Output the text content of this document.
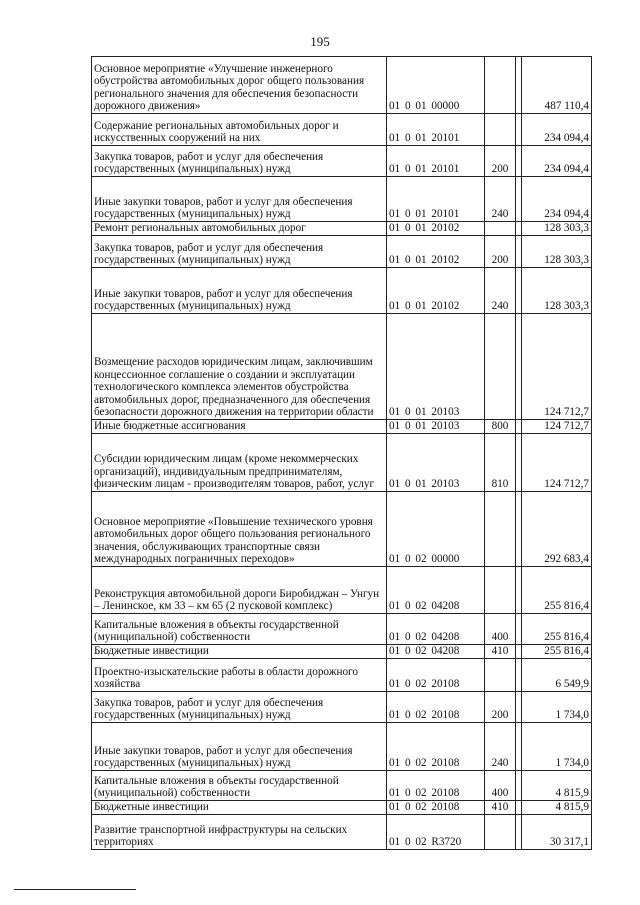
195
Основное мероприятие «Улучшение инженерного обустройства автомобильных дорог общего пользования регионального значения для обеспечения безопасности дорожного движения»	01 0 01 00000			487 110,4
Содержание региональных автомобильных дорог и искусственных сооружений на них	01 0 01 20101			234 094,4
Закупка товаров, работ и услуг для обеспечения государственных (муниципальных) нужд	01 0 01 20101	200		234 094,4
Иные закупки товаров, работ и услуг для обеспечения государственных (муниципальных) нужд	01 0 01 20101	240		234 094,4
Ремонт региональных автомобильных дорог	01 0 01 20102			128 303,3
Закупка товаров, работ и услуг для обеспечения государственных (муниципальных) нужд	01 0 01 20102	200		128 303,3
Иные закупки товаров, работ и услуг для обеспечения государственных (муниципальных) нужд	01 0 01 20102	240		128 303,3
Возмещение расходов юридическим лицам, заключившим концессионное соглашение о создании и эксплуатации технологического комплекса элементов обустройства автомобильных дорог, предназначенного для обеспечения безопасности дорожного движения на территории области	01 0 01 20103			124 712,7
Иные бюджетные ассигнования	01 0 01 20103	800		124 712,7
Субсидии юридическим лицам (кроме некоммерческих организаций), индивидуальным предпринимателям, физическим лицам - производителям товаров, работ, услуг	01 0 01 20103	810		124 712,7
Основное мероприятие «Повышение технического уровня автомобильных дорог общего пользования регионального значения, обслуживающих транспортные связи международных пограничных переходов»	01 0 02 00000			292 683,4
Реконструкция автомобильной дороги Биробиджан – Унгун – Ленинское, км 33 – км 65 (2 пусковой комплекс)	01 0 02 04208			255 816,4
Капитальные вложения в объекты государственной (муниципальной) собственности	01 0 02 04208	400		255 816,4
Бюджетные инвестиции	01 0 02 04208	410		255 816,4
Проектно-изыскательские работы в области дорожного хозяйства	01 0 02 20108			6 549,9
Закупка товаров, работ и услуг для обеспечения государственных (муниципальных) нужд	01 0 02 20108	200		1 734,0
Иные закупки товаров, работ и услуг для обеспечения государственных (муниципальных) нужд	01 0 02 20108	240		1 734,0
Капитальные вложения в объекты государственной (муниципальной) собственности	01 0 02 20108	400		4 815,9
Бюджетные инвестиции	01 0 02 20108	410		4 815,9
Развитие транспортной инфраструктуры на сельских территориях	01 0 02 R3720			30 317,1
